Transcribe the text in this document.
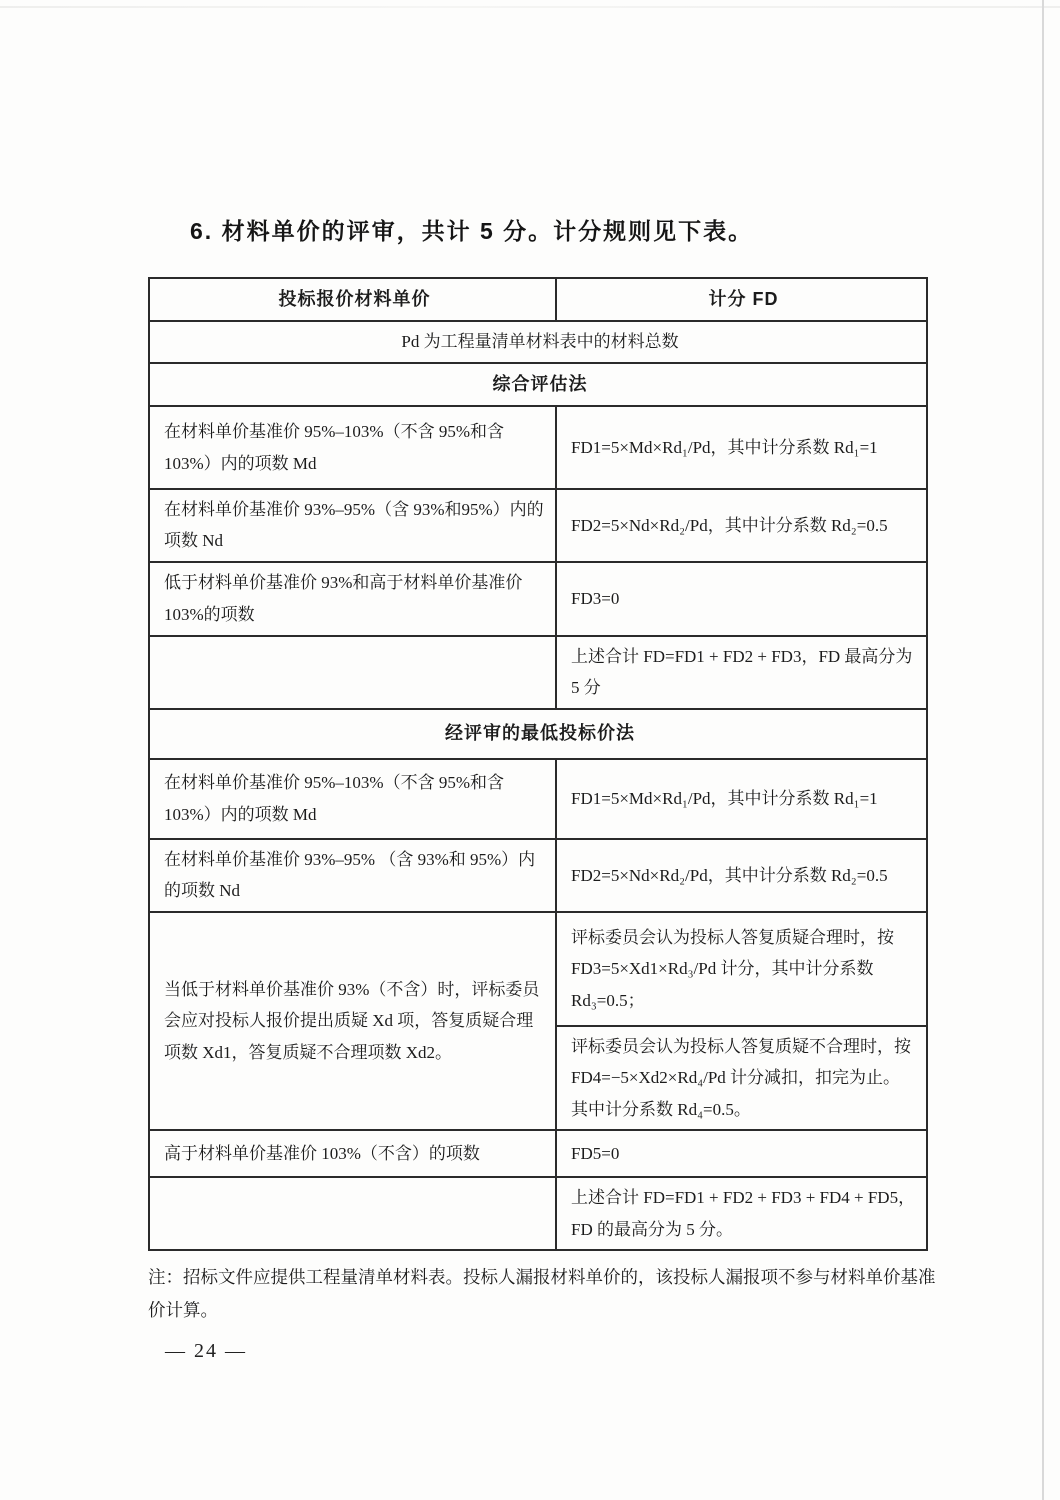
6. 材料单价的评审，共计 5 分。计分规则见下表。
投标报价材料单价	计分 FD
Pd 为工程量清单材料表中的材料总数	
综合评估法	
在材料单价基准价 95%–103%（不含 95%和含 103%）内的项数 Md	FD1=5×Md×Rd₁/Pd，其中计分系数 Rd₁=1
在材料单价基准价 93%–95%（含 93%和95%）内的项数 Nd	FD2=5×Nd×Rd₂/Pd，其中计分系数 Rd₂=0.5
低于材料单价基准价 93%和高于材料单价基准价 103%的项数	FD3=0
	上述合计 FD=FD1 + FD2 + FD3，FD 最高分为 5 分
经评审的最低投标价法	
在材料单价基准价 95%–103%（不含 95%和含 103%）内的项数 Md	FD1=5×Md×Rd₁/Pd，其中计分系数 Rd₁=1
在材料单价基准价 93%–95% （含 93%和 95%）内的项数 Nd	FD2=5×Nd×Rd₂/Pd，其中计分系数 Rd₂=0.5
当低于材料单价基准价 93%（不含）时，评标委员会应对投标人报价提出质疑 Xd 项，答复质疑合理项数 Xd1，答复质疑不合理项数 Xd2。	评标委员会认为投标人答复质疑合理时，按 FD3=5×Xd1×Rd₃/Pd 计分，其中计分系数 Rd₃=0.5；
	评标委员会认为投标人答复质疑不合理时，按 FD4=−5×Xd2×Rd₄/Pd 计分减扣，扣完为止。其中计分系数 Rd₄=0.5。
高于材料单价基准价 103%（不含）的项数	FD5=0
	上述合计 FD=FD1 + FD2 + FD3 + FD4 + FD5，FD 的最高分为 5 分。
注：招标文件应提供工程量清单材料表。投标人漏报材料单价的，该投标人漏报项不参与材料单价基准价计算。
— 24 —
